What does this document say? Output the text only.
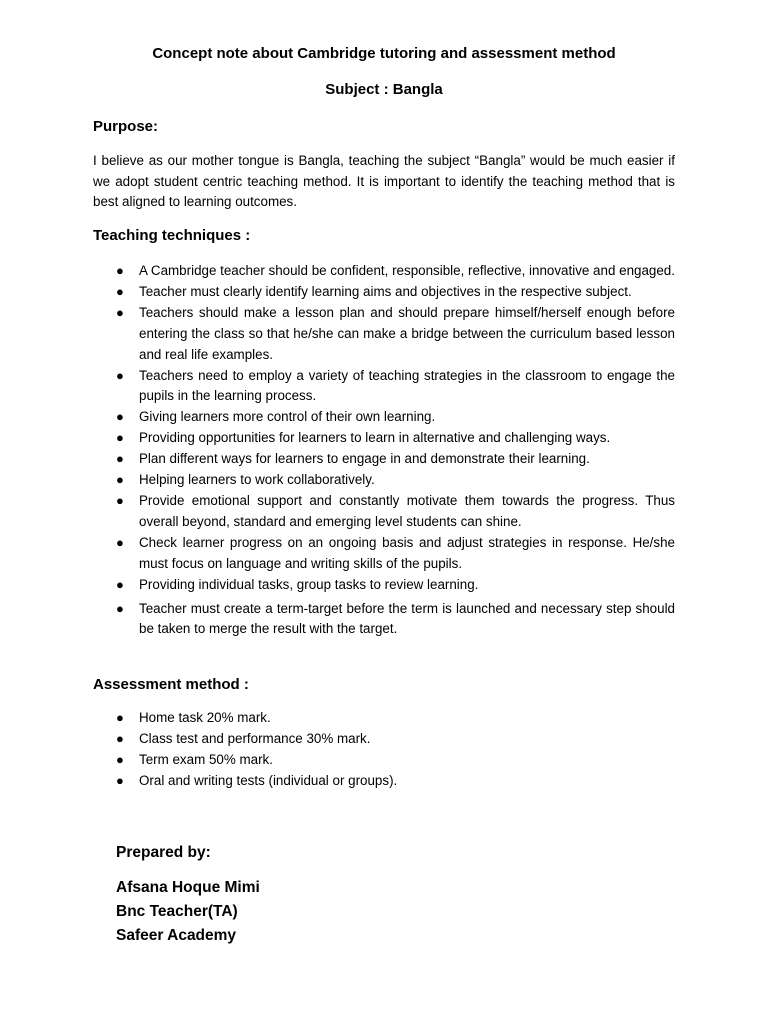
Concept note about Cambridge tutoring and assessment method
Subject : Bangla
Purpose:

I believe as our mother tongue is Bangla, teaching the subject “Bangla” would be much easier if we adopt student centric teaching method. It is important to identify the teaching method that is best aligned to learning outcomes.

Teaching techniques :
● A Cambridge teacher should be confident, responsible, reflective, innovative and engaged.
● Teacher must clearly identify learning aims and objectives in the respective subject.
● Teachers should make a lesson plan and should prepare himself/herself enough before entering the class so that he/she can make a bridge between the curriculum based lesson and real life examples.
● Teachers need to employ a variety of teaching strategies in the classroom to engage the pupils in the learning process.
● Giving learners more control of their own learning.
● Providing opportunities for learners to learn in alternative and challenging ways.
● Plan different ways for learners to engage in and demonstrate their learning.
● Helping learners to work collaboratively.
● Provide emotional support and constantly motivate them towards the progress. Thus overall beyond, standard and emerging level students can shine.
● Check learner progress on an ongoing basis and adjust strategies in response. He/she must focus on language and writing skills of the pupils.
● Providing individual tasks, group tasks to review learning.
● Teacher must create a term-target before the term is launched and necessary step should be taken to merge the result with the target.
Assessment method :
● Home task 20% mark.
● Class test and performance 30% mark.
● Term exam 50% mark.
● Oral and writing tests (individual or groups).
Prepared by:
Afsana Hoque Mimi
Bnc Teacher(TA)
Safeer Academy
